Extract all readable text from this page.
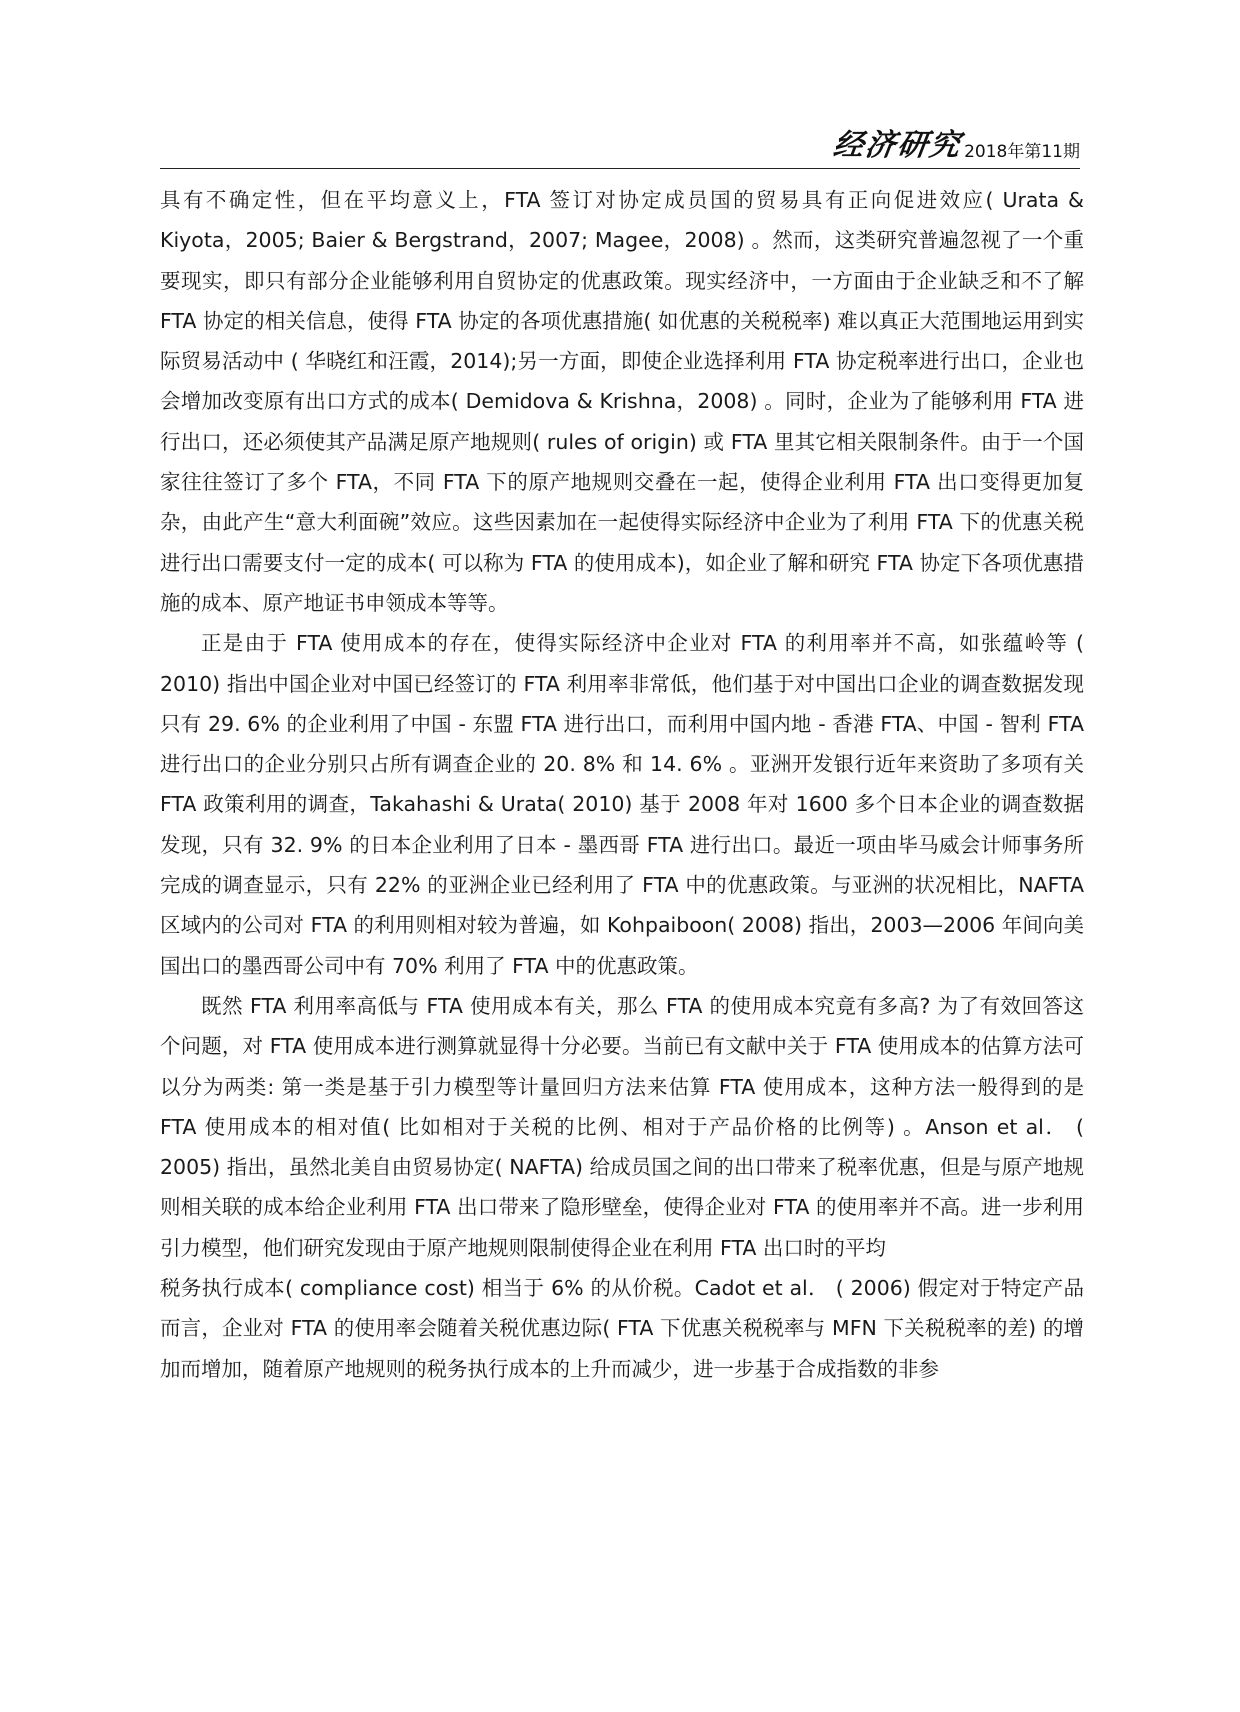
经济研究 2018年第11期

具有不确定性，但在平均意义上，FTA 签订对协定成员国的贸易具有正向促进效应( Urata & Kiyota，2005; Baier & Bergstrand，2007; Magee，2008) 。然而，这类研究普遍忽视了一个重要现实，即只有部分企业能够利用自贸协定的优惠政策。现实经济中，一方面由于企业缺乏和不了解 FTA 协定的相关信息，使得 FTA 协定的各项优惠措施( 如优惠的关税税率) 难以真正大范围地运用到实际贸易活动中 ( 华晓红和汪霞，2014);另一方面，即使企业选择利用 FTA 协定税率进行出口，企业也会增加改变原有出口方式的成本( Demidova & Krishna，2008) 。同时，企业为了能够利用 FTA 进行出口，还必须使其产品满足原产地规则( rules of origin) 或 FTA 里其它相关限制条件。由于一个国家往往签订了多个 FTA，不同 FTA 下的原产地规则交叠在一起，使得企业利用 FTA 出口变得更加复杂，由此产生“意大利面碗”效应。这些因素加在一起使得实际经济中企业为了利用 FTA 下的优惠关税进行出口需要支付一定的成本( 可以称为 FTA 的使用成本)，如企业了解和研究 FTA 协定下各项优惠措施的成本、原产地证书申领成本等等。

正是由于 FTA 使用成本的存在，使得实际经济中企业对 FTA 的利用率并不高，如张蕴岭等 ( 2010) 指出中国企业对中国已经签订的 FTA 利用率非常低，他们基于对中国出口企业的调查数据发现只有 29. 6% 的企业利用了中国 - 东盟 FTA 进行出口，而利用中国内地 - 香港 FTA、中国 - 智利 FTA 进行出口的企业分别只占所有调查企业的 20. 8% 和 14. 6% 。亚洲开发银行近年来资助了多项有关 FTA 政策利用的调查，Takahashi & Urata( 2010) 基于 2008 年对 1600 多个日本企业的调查数据发现，只有 32. 9% 的日本企业利用了日本 - 墨西哥 FTA 进行出口。最近一项由毕马威会计师事务所完成的调查显示，只有 22% 的亚洲企业已经利用了 FTA 中的优惠政策。与亚洲的状况相比，NAFTA 区域内的公司对 FTA 的利用则相对较为普遍，如 Kohpaiboon( 2008) 指出，2003—2006 年间向美国出口的墨西哥公司中有 70% 利用了 FTA 中的优惠政策。

既然 FTA 利用率高低与 FTA 使用成本有关，那么 FTA 的使用成本究竟有多高? 为了有效回答这个问题，对 FTA 使用成本进行测算就显得十分必要。当前已有文献中关于 FTA 使用成本的估算方法可以分为两类: 第一类是基于引力模型等计量回归方法来估算 FTA 使用成本，这种方法一般得到的是 FTA 使用成本的相对值( 比如相对于关税的比例、相对于产品价格的比例等) 。Anson et al． ( 2005) 指出，虽然北美自由贸易协定( NAFTA) 给成员国之间的出口带来了税率优惠，但是与原产地规则相关联的成本给企业利用 FTA 出口带来了隐形壁垒，使得企业对 FTA 的使用率并不高。进一步利用引力模型，他们研究发现由于原产地规则限制使得企业在利用 FTA 出口时的平均

税务执行成本( compliance cost) 相当于 6% 的从价税。Cadot et al． ( 2006) 假定对于特定产品而言，企业对 FTA 的使用率会随着关税优惠边际( FTA 下优惠关税税率与 MFN 下关税税率的差) 的增加而增加，随着原产地规则的税务执行成本的上升而减少，进一步基于合成指数的非参
